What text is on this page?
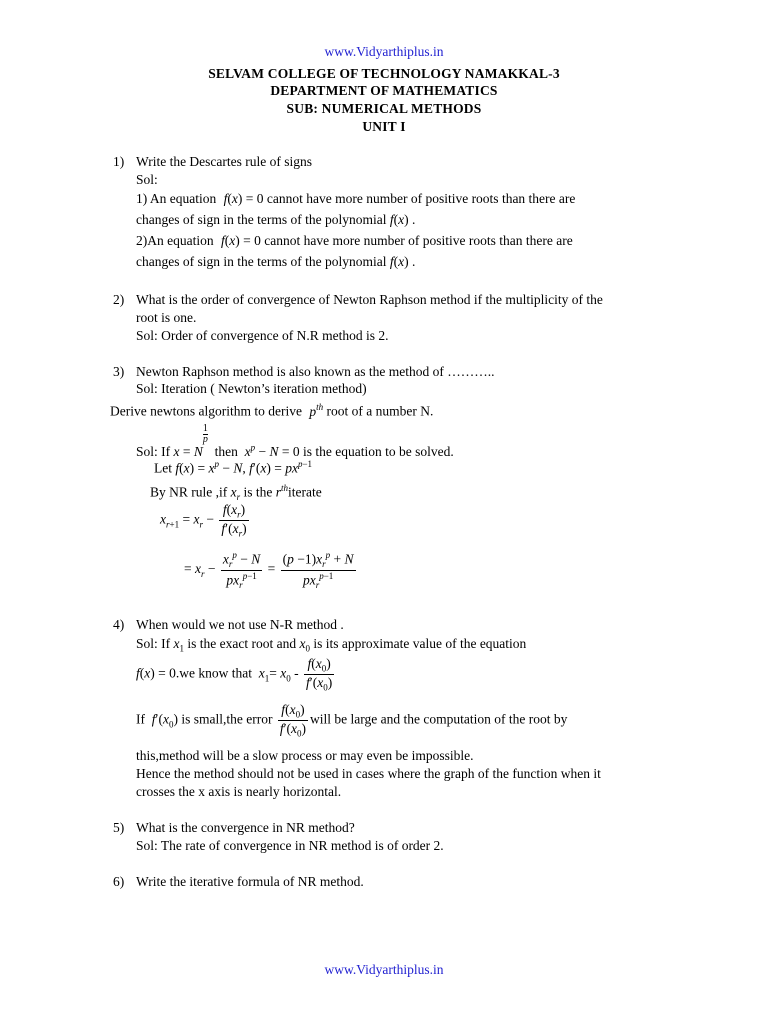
www.Vidyarthiplus.in
SELVAM COLLEGE OF TECHNOLOGY NAMAKKAL-3
DEPARTMENT OF MATHEMATICS
SUB: NUMERICAL METHODS
UNIT I
1) Write the Descartes rule of signs
Sol:
1) An equation f(x) = 0 cannot have more number of positive roots than there are
changes of sign in the terms of the polynomial f(x) .
2)An equation f(x) = 0 cannot have more number of positive roots than there are
changes of sign in the terms of the polynomial f(x) .
2) What is the order of convergence of Newton Raphson method if the multiplicity of the
root is one.
Sol: Order of convergence of N.R method is 2.
3) Newton Raphson method is also known as the method of ………..
Sol: Iteration ( Newton’s iteration method)
Derive newtons algorithm to derive $p^{th}$ root of a number N.
Sol: If x = N
$\frac{1}{p}$
then $x^p - N = 0$ is the equation to be solved.
Let $f(x) = x^p - N$, $f'(x) = px^{p-1}$
By NR rule ,if $x_r$ is the $r^{th}iterate$
$x_{r+1} = x_r - \frac{f(x_r)}{f'(x_r)}$
= $x_r - \frac{x_r^p - N}{px_r^{p-1}} = \frac{(p -1)x_r^p + N}{px_r^{p-1}}$
4) When would we not use N-R method .
Sol: If $x_1$ is the exact root and $x_0$ is its approximate value of the equation
f(x) = 0.we know that $x_1= x_0 - \frac{f(x_0)}{f'(x_0)}$
If $f'(x_0)$ is small,the error $\frac{f(x_0)}{f'(x_0)}$ will be large and the computation of the root by
this,method will be a slow process or may even be impossible.
Hence the method should not be used in cases where the graph of the function when it
crosses the x axis is nearly horizontal.
5) What is the convergence in NR method?
Sol: The rate of convergence in NR method is of order 2.
6) Write the iterative formula of NR method.
www.Vidyarthiplus.in
